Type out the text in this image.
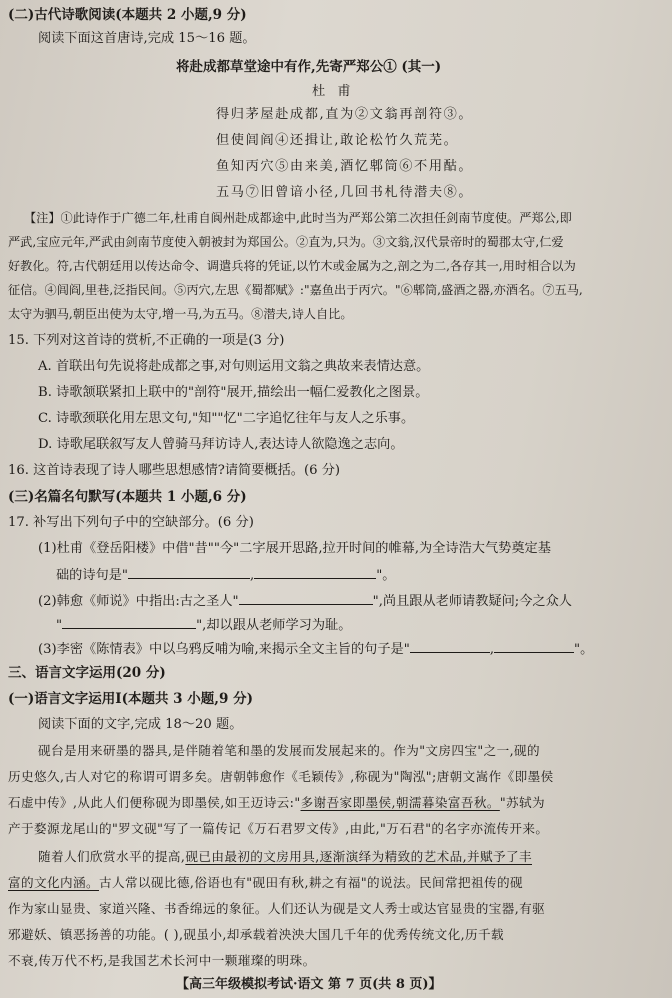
(二)古代诗歌阅读(本题共 2 小题,9 分)
阅读下面这首唐诗,完成 15～16 题。
将赴成都草堂途中有作,先寄严郑公① (其一)
杜 甫
得归茅屋赴成都,直为②文翁再剖符③。
但使闾阎④还揖让,敢论松竹久荒芜。
鱼知丙穴⑤由来美,酒忆郫筒⑥不用酤。
五马⑦旧曾谙小径,几回书札待潜夫⑧。
【注】①此诗作于广德二年,杜甫自阆州赴成都途中,此时当为严郑公第二次担任剑南节度使。严郑公,即
严武,宝应元年,严武由剑南节度使入朝被封为郑国公。②直为,只为。③文翁,汉代景帝时的蜀郡太守,仁爱
好教化。符,古代朝廷用以传达命令、调遣兵将的凭证,以竹木或金属为之,剖之为二,各存其一,用时相合以为
征信。④闾阎,里巷,泛指民间。⑤丙穴,左思《蜀都赋》:"嘉鱼出于丙穴。"⑥郫筒,盛酒之器,亦酒名。⑦五马,
太守为驷马,朝臣出使为太守,增一马,为五马。⑧潜夫,诗人自比。
15. 下列对这首诗的赏析,不正确的一项是(3 分)
A. 首联出句先说将赴成都之事,对句则运用文翁之典故来表情达意。
B. 诗歌颔联紧扣上联中的"剖符"展开,描绘出一幅仁爱教化之图景。
C. 诗歌颈联化用左思文句,"知""忆"二字追忆往年与友人之乐事。
D. 诗歌尾联叙写友人曾骑马拜访诗人,表达诗人欲隐逸之志向。
16. 这首诗表现了诗人哪些思想感情?请简要概括。(6 分)
(三)名篇名句默写(本题共 1 小题,6 分)
17. 补写出下列句子中的空缺部分。(6 分)
(1)杜甫《登岳阳楼》中借"昔""今"二字展开思路,拉开时间的帷幕,为全诗浩大气势奠定基
础的诗句是"	,	"。
(2)韩愈《师说》中指出:古之圣人"	",尚且跟从老师请教疑问;今之众人
"	",却以跟从老师学习为耻。
(3)李密《陈情表》中以乌鸦反哺为喻,来揭示全文主旨的句子是"	,	"。
三、语言文字运用(20 分)
(一)语言文字运用Ⅰ(本题共 3 小题,9 分)
阅读下面的文字,完成 18～20 题。
砚台是用来研墨的器具,是伴随着笔和墨的发展而发展起来的。作为"文房四宝"之一,砚的
历史悠久,古人对它的称谓可谓多矣。唐朝韩愈作《毛颖传》,称砚为"陶泓";唐朝文嵩作《即墨侯
石虚中传》,从此人们便称砚为即墨侯,如王迈诗云:"多谢吾家即墨侯,朝濡暮染富吾秋。"苏轼为
产于婺源龙尾山的"罗文砚"写了一篇传记《万石君罗文传》,由此,"万石君"的名字亦流传开来。
随着人们欣赏水平的提高,砚已由最初的文房用具,逐渐演绎为精致的艺术品,并赋予了丰
富的文化内涵。古人常以砚比德,俗语也有"砚田有秋,耕之有福"的说法。民间常把祖传的砚
作为家山显贵、家道兴隆、书香绵远的象征。人们还认为砚是文人秀士或达官显贵的宝器,有驱
邪避妖、镇恶扬善的功能。( ),砚虽小,却承载着泱泱大国几千年的优秀传统文化,历千载
不衰,传万代不朽,是我国艺术长河中一颗璀璨的明珠。
【高三年级模拟考试·语文 第 7 页(共 8 页)】
